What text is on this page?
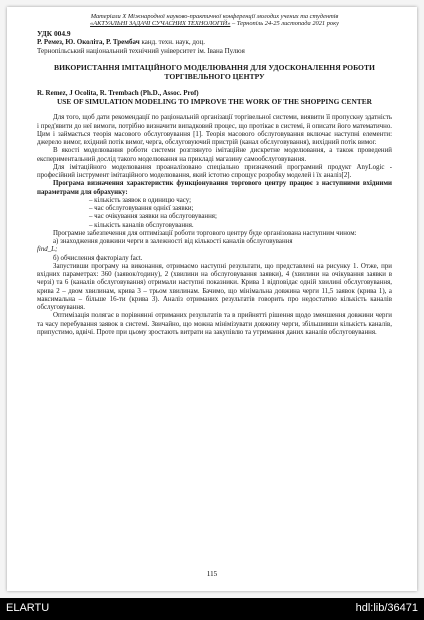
Матеріали Х Міжнародної науково-практичної конференції молодих учених та студентів
«АКТУАЛЬНІ ЗАДАЧІ СУЧАСНИХ ТЕХНОЛОГІЙ» – Тернопіль 24-25 листопада 2021 року
УДК 004.9
Р. Ремез, Ю. Околіта, Р. Трембач канд. техн. наук, доц.
Тернопільський національний технічний університет ім. Івана Пулюя
ВИКОРИСТАННЯ ІМІТАЦІЙНОГО МОДЕЛЮВАННЯ ДЛЯ УДОСКОНАЛЕННЯ РОБОТИ ТОРГІВЕЛЬНОГО ЦЕНТРУ
R. Remez, J Ocolita, R. Trembach (Ph.D., Assoc. Prof)
USE OF SIMULATION MODELING TO IMPROVE THE WORK OF THE SHOPPING CENTER

Для того, щоб дати рекомендації по раціональній організації торгівельної системи, виявити її пропускну здатність і пред'явити до неї вимоги, потрібно визначити випадковий процес, що протікає в системі, й описати його математично. Цим і займається теорія масового обслуговування [1]. Теорія масового обслуговування включає наступні елементи: джерело вимог, вхідний потік вимог, черга, обслуговуючий пристрій (канал обслуговування), вихідний потік вимог.

В якості моделювання роботи системи розглянуто імітаційне дискретне моделювання, а також проведений експериментальний дослід такого моделювання на прикладі магазину самообслуговування.

Для імітаційного моделювання проаналізовано спеціально призначений програмний продукт AnyLogic - професійний інструмент імітаційного моделювання, який істотно спрощує розробку моделей і їх аналіз[2].

Програма визначення характеристик функціонування торгового центру працює з наступними вхідними параметрами для обрахунку:

– кількість заявок в одиницю часу;
– час обслуговування однієї заявки;
– час очікування заявки на обслуговування;
– кількість каналів обслуговування.

Програмне забезпечення для оптимізації роботи торгового центру буде організована наступним чином:

а) знаходження довжини черги в залежності від кількості каналів обслуговування

find_L;

б) обчислення факторіалу fact.

Запустивши програму на виконання, отримаємо наступні результати, що представлені на рисунку 1. Отже, при вхідних параметрах: 360 (заявок/годину), 2 (хвилини на обслуговування заявки), 4 (хвилини на очікування заявки в черзі) та 6 (каналів обслуговування) отримали наступні показники. Крива 1 відповідає одній хвилині обслуговування, крива 2 – двом хвилинам, крива 3 – трьом хвилинам. Бачимо, що мінімальна довжина черги 11,5 заявок (крива 1), а максимальна – більше 16-ти (крива 3). Аналіз отриманих результатів говорить про недостатню кількість каналів обслуговування.

Оптимізація полягає в порівнянні отриманих результатів та в прийнятті рішення щодо зменшення довжини черги та часу перебування заявок в системі. Звичайно, що можна мінімізувати довжину черги, збільшивши кількість каналів, припустимо, вдвічі. Проте при цьому зростають витрати на закупівлю та утримання даних каналів обслуговування.

115
ELARTU	hdl:lib/36471
